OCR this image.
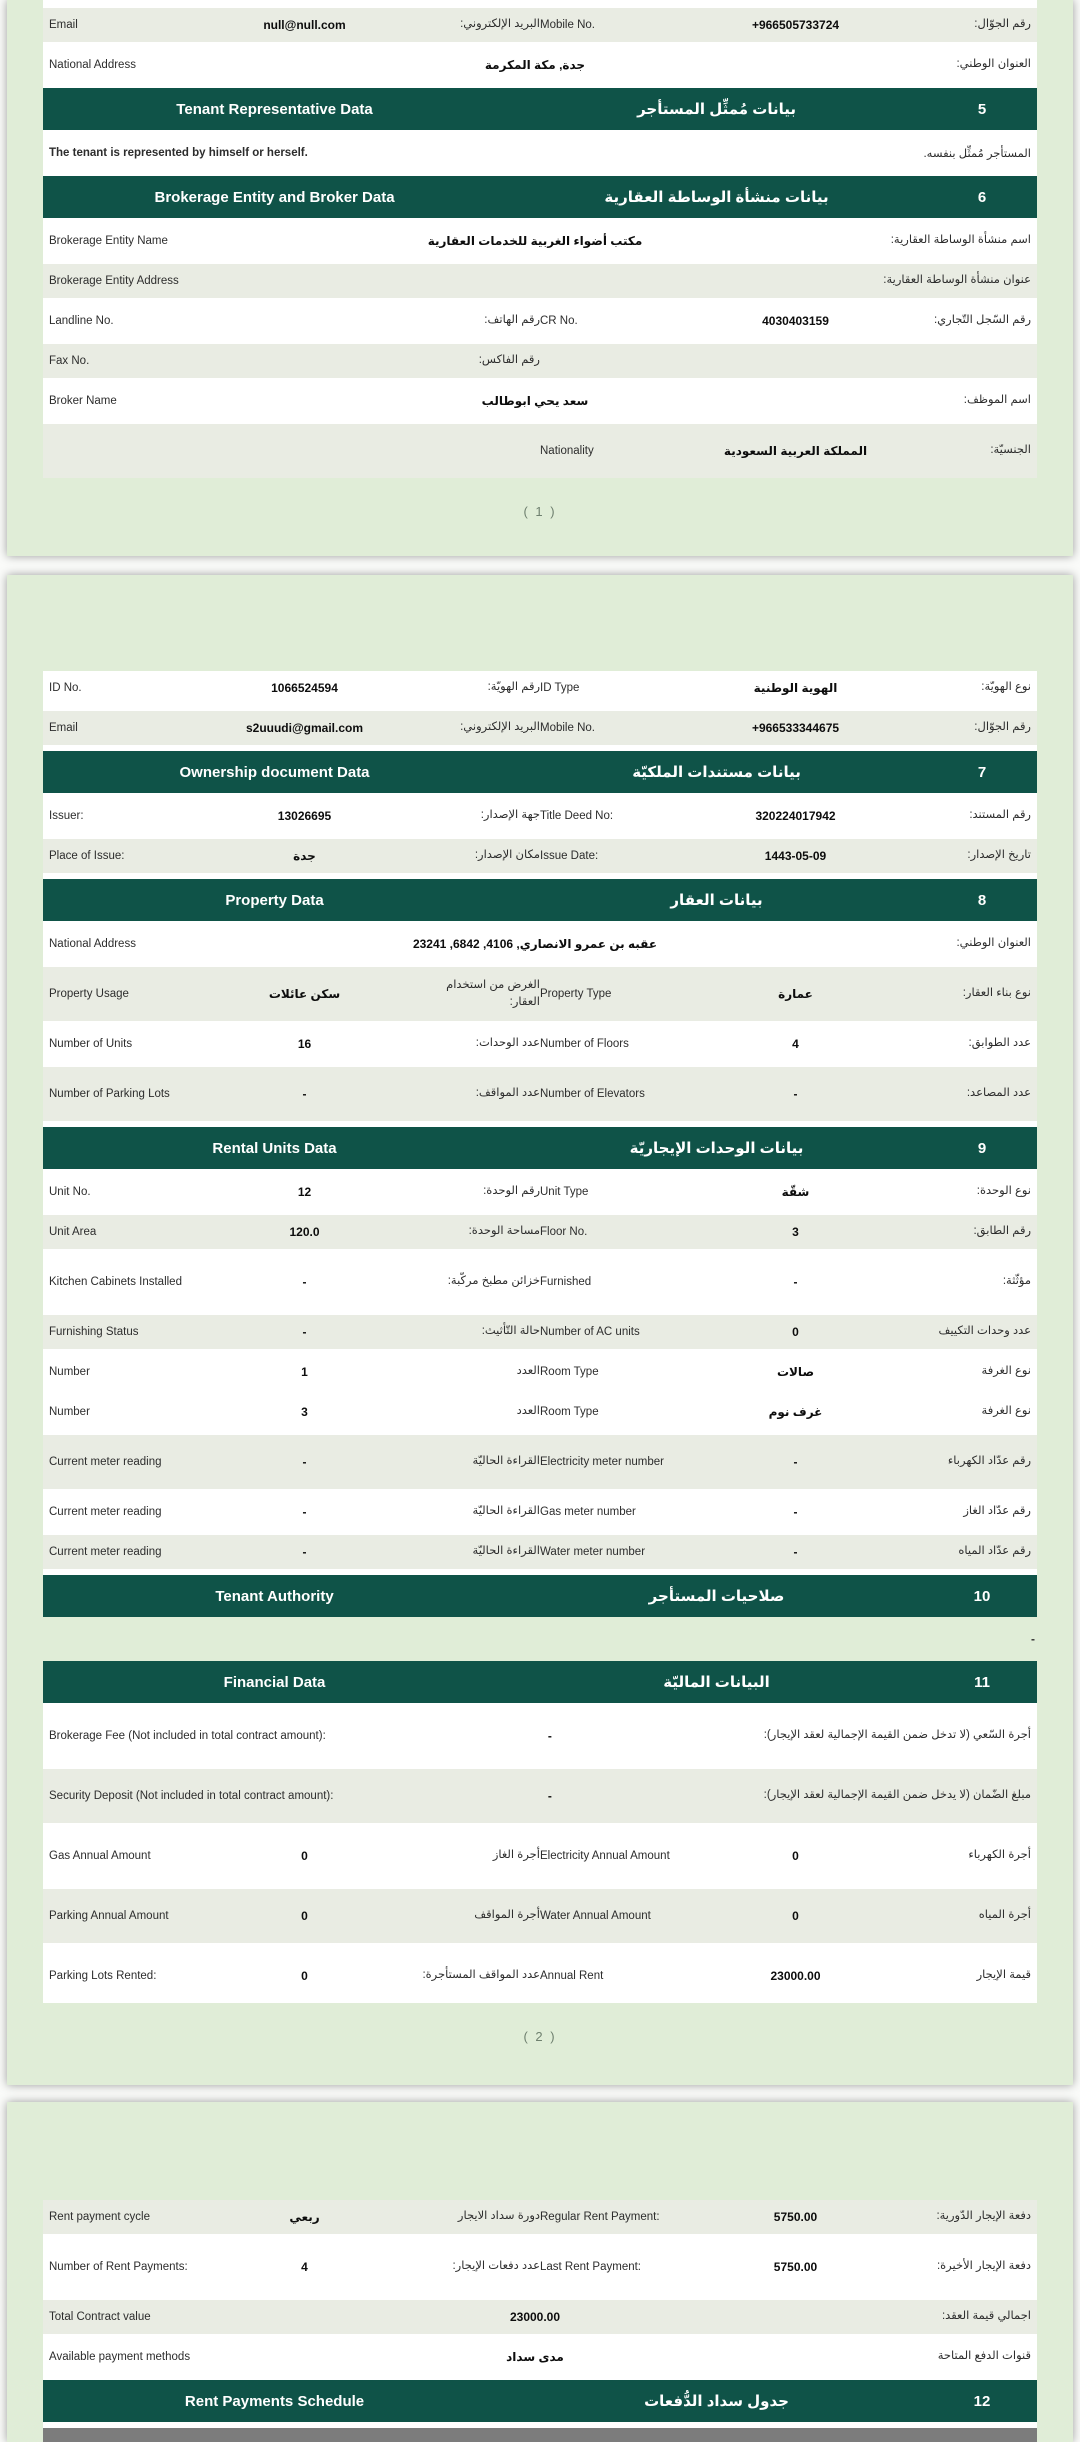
Email	null@null.com	البريد الإلكتروني: Mobile No.	+966505733724	رقم الجوّال:
National Address	جدة, مكة المكرمة	العنوان الوطني:
Tenant Representative Data	بيانات مُمثِّل المستأجر	5
The tenant is represented by himself or herself.	المستأجر مُمثِّل بنفسه.
Brokerage Entity and Broker Data	بيانات منشأة الوساطة العقارية	6
Brokerage Entity Name	مكتب أضواء الغربية للخدمات العقارية	اسم منشأة الوساطة العقارية:
Brokerage Entity Address	عنوان منشأة الوساطة العقارية:
Landline No.	رقم الهاتف: CR No.	4030403159	رقم السّجل التّجاري:
Fax No.	رقم الفاكس:
Broker Name	سعد يحي ابوطالب	اسم الموظف:
Nationality	المملكة العربية السعودية	الجنسيّة:
( 1 )
ID No.	1066524594	رقم الهويّة: ID Type	الهوية الوطنية	نوع الهويّة:
Email	s2uuudi@gmail.com	البريد الإلكتروني: Mobile No.	+966533344675	رقم الجوّال:
Ownership document Data	بيانات مستندات الملكيّة	7
Issuer:	13026695	جهة الإصدار: Title Deed No:	320224017942	رقم المستند:
Place of Issue:	جدة	مكان الإصدار: Issue Date:	1443-05-09	تاريخ الإصدار:
Property Data	بيانات العقار	8
National Address	عقبه بن عمرو الانصاري, 4106, 6842, 23241	العنوان الوطني:
Property Usage	سكن عائلات
الغرض من استخدام العقار:
Property Type	عمارة	نوع بناء العقار:
Number of Units	16	عدد الوحدات: Number of Floors	4	عدد الطوابق:
Number of Parking Lots	-	عدد المواقف: Number of Elevators	-	عدد المصاعد:
Rental Units Data	بيانات الوحدات الإيجاريّة	9
Unit No.	12	رقم الوحدة: Unit Type	شقّة	نوع الوحدة:
Unit Area	120.0	مساحة الوحدة: Floor No.	3	رقم الطابق:
Kitchen Cabinets Installed	-	خزائن مطبخ مركّبة: Furnished	-	مؤثّثة:
Furnishing Status	-	حالة التّأثيث: Number of AC units	0	عدد وحدات التكييف
Number	1	العدد Room Type	صالات	نوع الغرفة
Number	3	العدد Room Type	غرف نوم	نوع الغرفة
Current meter reading	-	القراءة الحاليّة Electricity meter number	-	رقم عدّاد الكهرباء
Current meter reading	-	القراءة الحاليّة Gas meter number	-	رقم عدّاد الغاز
Current meter reading	-	القراءة الحاليّة Water meter number	-	رقم عدّاد المياه
Tenant Authority	صلاحيات المستأجر	10
-
Financial Data	البيانات الماليّة	11
Brokerage Fee (Not included in total contract amount):	-	أجرة السّعي (لا تدخل ضمن القيمة الإجمالية لعقد الإيجار):
Security Deposit (Not included in total contract amount):	-	مبلغ الضّمان (لا يدخل ضمن القيمة الإجمالية لعقد الإيجار):
Gas Annual Amount	0	أجرة الغاز Electricity Annual Amount	0	أجرة الكهرباء
Parking Annual Amount	0	أجرة المواقف Water Annual Amount	0	أجرة المياه
Parking Lots Rented:	0	عدد المواقف المستأجرة: Annual Rent	23000.00	قيمة الإيجار
( 2 )
Rent payment cycle	ربعي	دورة سداد الايجار Regular Rent Payment:	5750.00	دفعة الإيجار الدّورية:
Number of Rent Payments:	4	عدد دفعات الإيجار: Last Rent Payment:	5750.00	دفعة الإيجار الأخيرة:
Total Contract value	23000.00	اجمالي قيمة العقد:
Available payment methods	مدى سداد	قنوات الدفع المتاحة
Rent Payments Schedule	جدول سداد الدُّفعات	12
